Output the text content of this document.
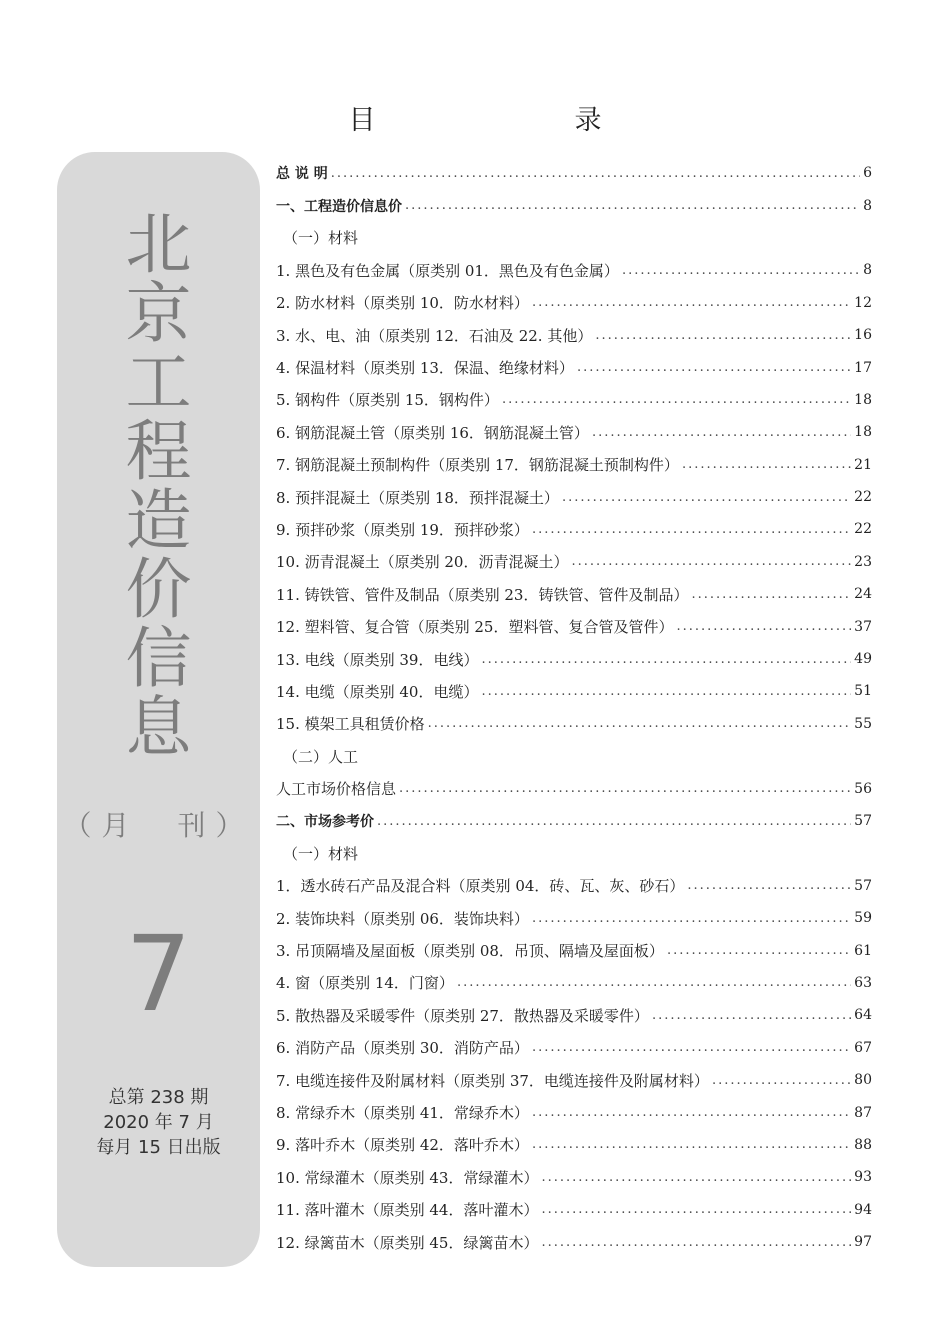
目　录
北
京
工
程
造
价
信
息
（月　刊）
7
总第 238 期
2020 年 7 月
每月 15 日出版
总 说 明 .....	6
一、工程造价信息价 .....	8
（一）材料
1. 黑色及有色金属（原类别 01．黑色及有色金属） .....	8
2. 防水材料（原类别 10．防水材料） .....	12
3. 水、电、油（原类别 12．石油及 22. 其他） .....	16
4. 保温材料（原类别 13．保温、绝缘材料） .....	17
5. 钢构件（原类别 15．钢构件） .....	18
6. 钢筋混凝土管（原类别 16．钢筋混凝土管） .....	18
7. 钢筋混凝土预制构件（原类别 17．钢筋混凝土预制构件） .....	21
8. 预拌混凝土（原类别 18．预拌混凝土） .....	22
9. 预拌砂浆（原类别 19．预拌砂浆） .....	22
10. 沥青混凝土（原类别 20．沥青混凝土） .....	23
11. 铸铁管、管件及制品（原类别 23．铸铁管、管件及制品） .....	24
12. 塑料管、复合管（原类别 25．塑料管、复合管及管件） .....	37
13. 电线（原类别 39．电线） .....	49
14. 电缆（原类别 40．电缆） .....	51
15. 模架工具租赁价格 .....	55
（二）人工
人工市场价格信息 .....	56
二、市场参考价 .....	57
（一）材料
1．透水砖石产品及混合料（原类别 04．砖、瓦、灰、砂石） .....	57
2. 装饰块料（原类别 06．装饰块料） .....	59
3. 吊顶隔墙及屋面板（原类别 08．吊顶、隔墙及屋面板） .....	61
4. 窗（原类别 14．门窗） .....	63
5. 散热器及采暖零件（原类别 27．散热器及采暖零件） .....	64
6. 消防产品（原类别 30．消防产品） .....	67
7. 电缆连接件及附属材料（原类别 37．电缆连接件及附属材料） .....	80
8. 常绿乔木（原类别 41．常绿乔木） .....	87
9. 落叶乔木（原类别 42．落叶乔木） .....	88
10. 常绿灌木（原类别 43．常绿灌木） .....	93
11. 落叶灌木（原类别 44．落叶灌木） .....	94
12. 绿篱苗木（原类别 45．绿篱苗木） .....	97
